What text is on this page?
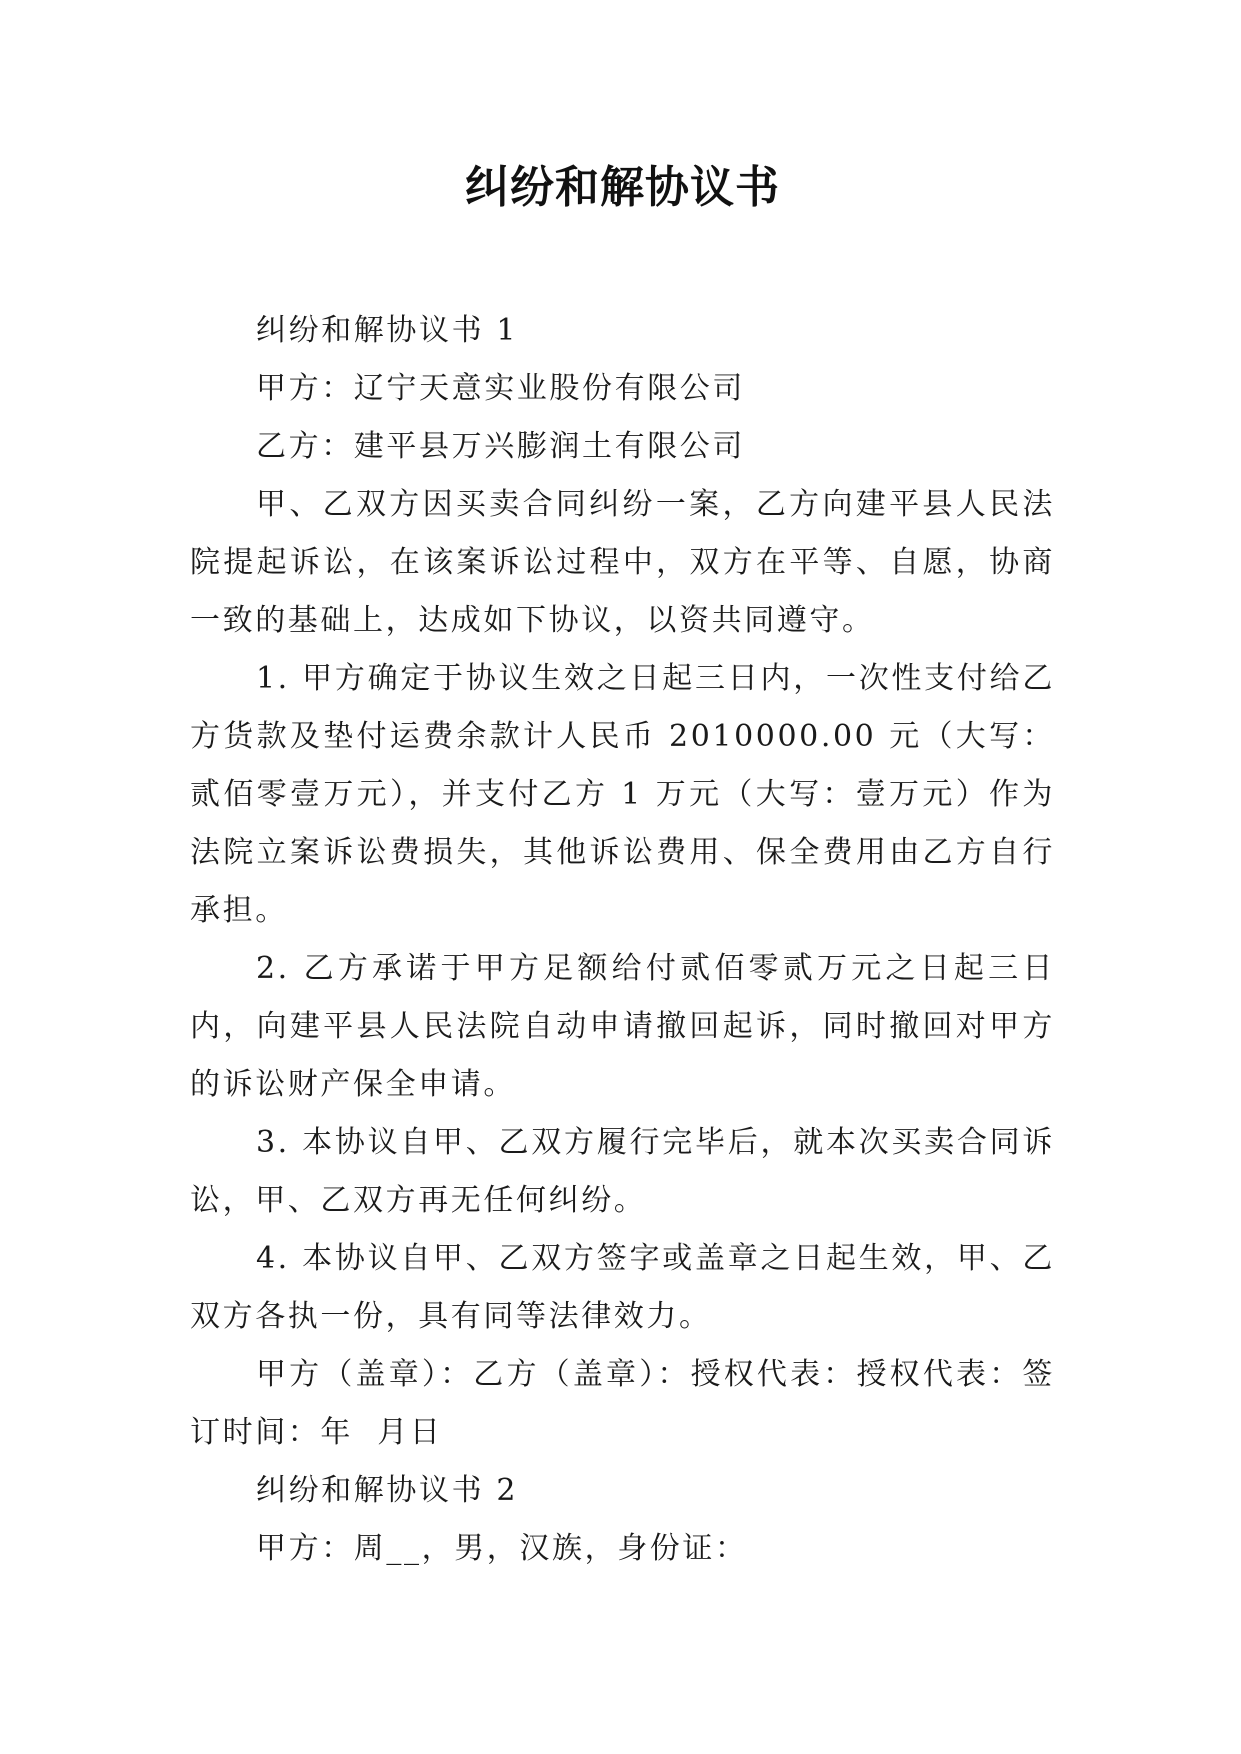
纠纷和解协议书

纠纷和解协议书 1

甲方：辽宁天意实业股份有限公司

乙方：建平县万兴膨润土有限公司

甲、乙双方因买卖合同纠纷一案，乙方向建平县人民法院提起诉讼，在该案诉讼过程中，双方在平等、自愿，协商一致的基础上，达成如下协议，以资共同遵守。

1. 甲方确定于协议生效之日起三日内，一次性支付给乙方货款及垫付运费余款计人民币 2010000.00 元（大写：贰佰零壹万元），并支付乙方 1 万元（大写：壹万元）作为法院立案诉讼费损失，其他诉讼费用、保全费用由乙方自行承担。

2. 乙方承诺于甲方足额给付贰佰零贰万元之日起三日内，向建平县人民法院自动申请撤回起诉，同时撤回对甲方的诉讼财产保全申请。

3. 本协议自甲、乙双方履行完毕后，就本次买卖合同诉讼，甲、乙双方再无任何纠纷。

4. 本协议自甲、乙双方签字或盖章之日起生效，甲、乙双方各执一份，具有同等法律效力。

甲方（盖章）：乙方（盖章）：授权代表：授权代表：签订时间：年  月日

纠纷和解协议书 2

甲方：周__，男，汉族，身份证：
